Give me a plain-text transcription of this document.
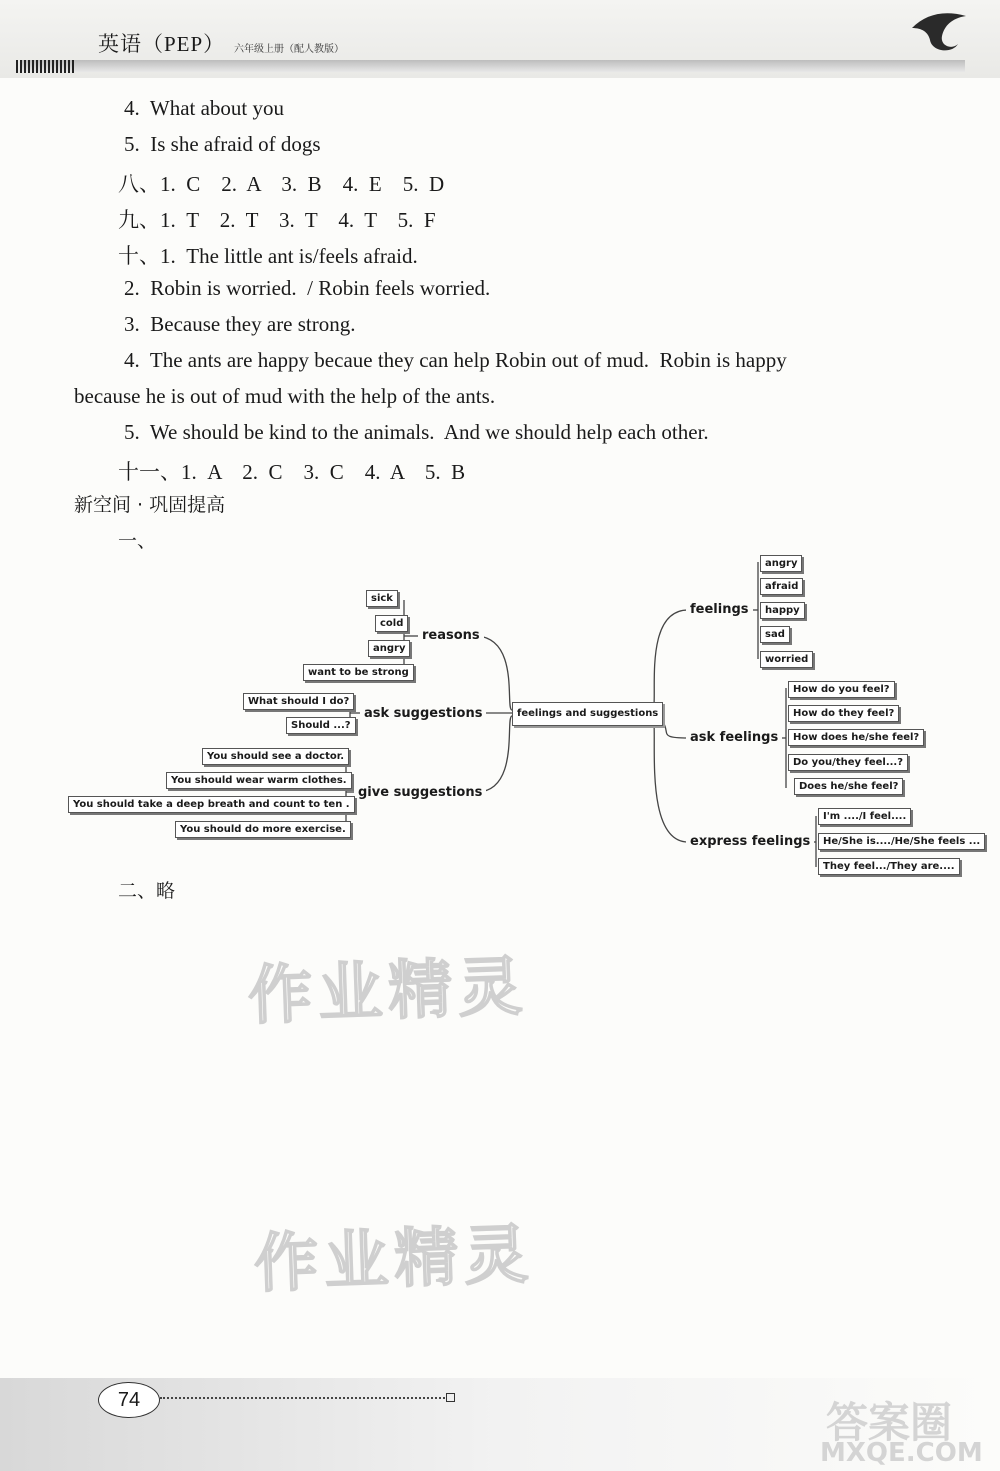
英语（PEP） 六年级上册（配人教版）
4.  What about you
5.  Is she afraid of dogs
八、1.  C    2.  A    3.  B    4.  E    5.  D
九、1.  T    2.  T    3.  T    4.  T    5.  F
十、1.  The little ant is/feels afraid.
2.  Robin is worried.  / Robin feels worried.
3.  Because they are strong.
4.  The ants are happy becaue they can help Robin out of mud.  Robin is happy
because he is out of mud with the help of the ants.
5.  We should be kind to the animals.  And we should help each other.
十一、1.  A    2.  C    3.  C    4.  A    5.  B
新空间 · 巩固提高
一、
feelings and suggestions
reasons
sick
cold
angry
want to be strong
ask suggestions
What should I do?
Should ...?
give suggestions
You should see a doctor.
You should wear warm clothes.
You should take a deep breath and count to ten .
You should do more exercise.
feelings
angry
afraid
happy
sad
worried
ask feelings
How do you feel?
How do they feel?
How does he/she feel?
Do you/they feel...?
Does he/she feel?
express feelings
I'm ..../I feel....
He/She is..../He/She feels ...
They feel.../They are....
二、略
作业精灵
作业精灵
74	答案圈
MXQE.COM
